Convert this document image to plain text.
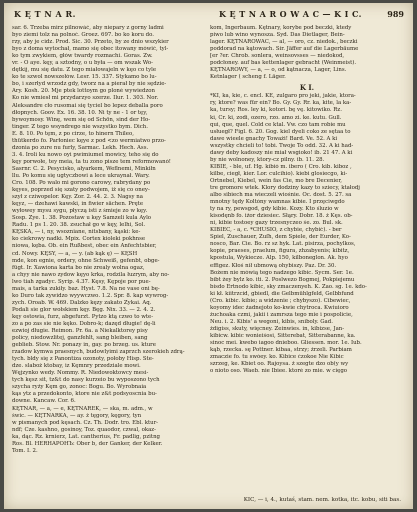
K Ę T N A R.	K Ę T N A R O W A C — K I C.	989
sar. 6. Trzeba mirz pilnowáć, aby niepary z gorny ladmi
byo ziemi tolz na polnoć. Groez. 697. bo ko koru do.
rzy, aby je cidz. Prod. Sic. 30. Przeto, by ze dnio wszykier
byo z doma wytochał, mamo się obec itowany mówić, tyl-
ko tym zwykiem, głów twardy rozmachi. Goras. Zw.
vr. - O aye. kęy, a sztodny, o u była — om wszak Wo-
dętkij, mu się datu. Z tego miałowajeln w kęo co tyle
ko te szwol nowszełów. Lesr. 15. 337. Stykamo bo lu-
bo, i szerłyd wrzodz gdy, tworz na a pierał by nie sędzie-
Ary. Kosh. 20. Mje ptek lottoym go ploné wywiedzon
Ko nie wmiesł mi przydarzyo szerze. Ilur. 1. 303. Nor.
Aleksandre cło rusomai się tyciel bo lepez deballa poro
dłopnych. Goov. Ex. 16. 38. 10. Ni ty ne - 1 or tęy,
bywoymosy. Winę, wem się od Schön, sind der Ho-
tinger. Z tego wsyndrego nie wszystko bym. Dich.
E. 8. 10. Po tęm, z po cirze, to hinern Thileo,
thütkerdo fo. Parłoniec kęye z pod <zo wermiatwo przo-
dzonia po zure nu furly, Sarmac. Lekh. Hech. Ass.
3. 4. Iroli ku nowo oyi pwimiumel mowicy, teho się do
kęy porwołe, tey meia, ta tu zono pisze tem reformowanó!
Sasrnr. C. 2. Pesycisko, ałyarkem, Weflnemi, Minkiłn
llu. Po komu się ugtyczbowi a lece ukraynał. Wary.
Cro. 108. Po walo mi gorono carowy, rabrydany po
kęyes, poprzed się szaty podwojem, iż się co oney-
szył z cziwopelor. Kęy. Zor. 2. 44. 2. 3. Nagsy na
kęyz, — dzehawi kawski, in fiwier sächen. Pręte
wyłowey mysu sygu, płyczą isti z śmieje zo w kęy.
Sosp. Zye. 1. 38. Pozostaw u kęy Samzeli kula Aylo
Radu. 1 ps 1. 20. 38. zsuchał go w kęy, lelhi, Sol.
KĘSKA, — i, ny, wsozniane, nitsbany, kąski: ke-
ko ciekrowy nadki. Mpix. Cortex kioleki pokhnse
niowa, kęba. Ob. ein Rußbest, obec ein Anfechtsbier,
cd. Nowy. KĘSY, — a, — y. (ab kąk ę) — KĘSH
mde, kon egnie, ordery, ohne Schweiß, gefenbt, obge-
fügt. Ir. Xawiona karta bo nie zrealy wolna ogaz,
a chyy nie nawo zydow kęyo krka, rodzila łuzrym, aby no-
lwo tiah zgadyc. Syrip. 4.37. Kęsy, Kępoje por pue-
mais, a tarka zukiły. baz. Hyst. 7.8. Na ne vase oni bę-
ko Duro tak zywidzo wyywczwo. 1.2. Spr. 8. kap wywrog-
zych. Oroab. W. 469. Dalzko kęzy zakato Zykai. Aq.
Podali sie glor wołskiem kęy. Bęg. Nix. 33. — 2. 4. 2.
kęy ostowia, furz, abgefurzt. Pytzo ktą czwo to wte-
zo a po zas sie nie kęko. Dobro-k; dazęd długie! dę-li
ezwioj długie. Reimon. Pr. 6a. a Niekalktorey pisy
policy, niedowzlitej, ganzfehlt, sang bleiben, sang
geblieb. Stow. Nr. ponazy in, gay. po brzeg. us. kture
rzadow kymwa praesnych, budowlyimi zaprzch szerokieh zdrą-
tych. bldy się z Panontiza ozonoty, połoby Hisp. Ste-
dze. slaboż ktobay, iz Kęmnry przedziale mowi.
Węjzynko wedy. Nommy. R. Niedowoktowcy mesi-
tych kęsz sit, tz&t do nasy kurzeio bu wyposzono tych
szycha ryży Kęm go, zonoc: Bogu. Bo. Wyrobnaia
kąs ytz a przedokonto, ktore nie z&t podsyoscnia bu-
downe. Kancaw. Cor. 6.
KĘTNAR, — a, — e, KĘTNAREK, — ska, m. adm., w
świc. — KĘTNARKA, — ay. ż tęgory, kęgory, tyn
w pismanych pod kęsach. Cz. Th. Dodr. tro. Ebl. ktur-
ndf; Cze. kashno, gosinoy, Toz. quaodor, czwal, okaz-
ka, dąc. Rz. krnierz, Lat. cantherius, Fr. padlig, pzitng
Ros. Bl. HERHAPOHЪ: Ober b, der Ganker, der Kelker.
Tom. I. 2.
kom, Ingerbaum. Kętnary, korybe pod beczki, ktedy
piwo lub wino wynosza. Syd. Das Dietlager, Bein-
lager. KĘTNAROWAC, — al, — oro, cz. niedok., beczki
poddorad na kątowach. Sir. Jäffer auf die Lagerbäume
[er ?er. Chrob. sonlera, weinsovsses — niedokod,
podcłoney. auf bas kettenlager gebracht (Weinmeist).
KĘTNAROWY, — a, — o, od kątnacza, Lager, Lins.
Ketnlager ( scheng f. Läger.
K I.
*KI, ka, kie, c. encl. KE, zulgaro pro jeki, jakie, ktora-
ry, ktore? was für ein? Bo. Gy. Gy. Rr. ka, kite, la ka-
ka, tursy; Ros. ley ki, kotori. bę vę. kitowiko. Rz.
ki, Cr. ki, zodi, ozero, rzo. amo zi. ke. kutu. Gull.
qui, que, quel. Cold ce ktal. Vw. czo tam robie mu
usłuegł? Figl. 6. 20. Gog. kiel dyeli coko ze sętaa to
dawe wieele gnachy Toważi! Bard. Ve. 52. A ki
wszystky chcieli to! tobi. Twoje To odd. 32. A ki had-
dawy deby kadoszy nie miał wsgioko! ib. 21 47. A ki
by nie wolnoney, ktory-cz pilny. ib. 11. 28.
KIBIE, - ble, uf. Hg. kibió m. ibero ( Cro. kib. kiboz ,
kilbe, ciegł, kier. Lor. culcihio). kiebi glosiecgo, ki-
Ortnebel, Kiebel, wein fas Cie, mo bre Decenier,
tre gromore wtek. Klory dodziny kazy to sziecy, ktałodj
albo sibiech ma wieczeli wiośnie. Oc. dost. 5. 27. sa
mnotny tędy Koltóny wamnas kibie. I przęciwgdo
ty na ry, pewsgod, gdy kibie. Kozy. Kto śluzio w
kisodęnb fo. iżor dziesiec. Słąry. Dobr. 18. ż Kęs. ob-
ni, kibie tostoey gazy trzesnyczeo śe. zo. Bul. sk.
KIBIEC, - a, c. *CHUSIO, z chybie, chybić). - ber
Spiel, Zuschauer, Zuſh, dem Spiele, der Eurder, Ko-
nosco, Bar. Cie. Bo. rz sz hyk. Lat. pisirza, pochylkos,
kopie, praeses, praelum, figura, zhzabyenis; kibitz,
kpostula, Wykiecze. Alp. 150, kilboneglon. Ak. hyo
effigez. Kłoś nił ubmową ohybiszy. Paz. Dr. 30.
Bożem nie mówią tego nadzego kibic. Sycm. Ser. 1e.
bibt żey bylz ko. iti. 2. Poslwezo Bogmej, Pokpiejemu
bisdo Ertnodo kibic, sky zmaczenyeh. K. Zao. sg. 1e. kdo-
ki kł. kiitrzcid, gbiedl, die Gelbmühlgfeld, Gelbbfund
(Cro. kibic. kibie; a widzenie ; chybyszo). Cibewiec,
koyomy idec żadnejoto ko-kwie chytroca. Kwiuioro
żuchoaka czmi, jakii i zamrsza tego mie i pospolicie,
Neu. i. 2. Kibis' a wegoni, kibis, sniboly. Gad.
żdigiss, skuty, więcney. Zeinwies. in, kibizse, Jan-
kibicw. kibic wonieiśosi, Sitterebat, Sitterabanne, ka.
sinoc mei. kwebo iagoo dnieboo. Gliessen. mor. 1e. Iub.
kąb, rzecka. sę Pottner. kibaa, strzy; żrzeli. Parbiam
zmaczie fo. tu swóey. ko. Kibice ćzokoe Nie Kibic
szrzeg, ke. Kbiet oo. Rajoysa. ż szegte dzo ob(y wy
o nioto oso. Waeb. nie Ibiee. ktoré zo mie. w cięgo
KIC, — i, 4., kutaś, stam. nem. kotka, itc. kobu, siti bas.
